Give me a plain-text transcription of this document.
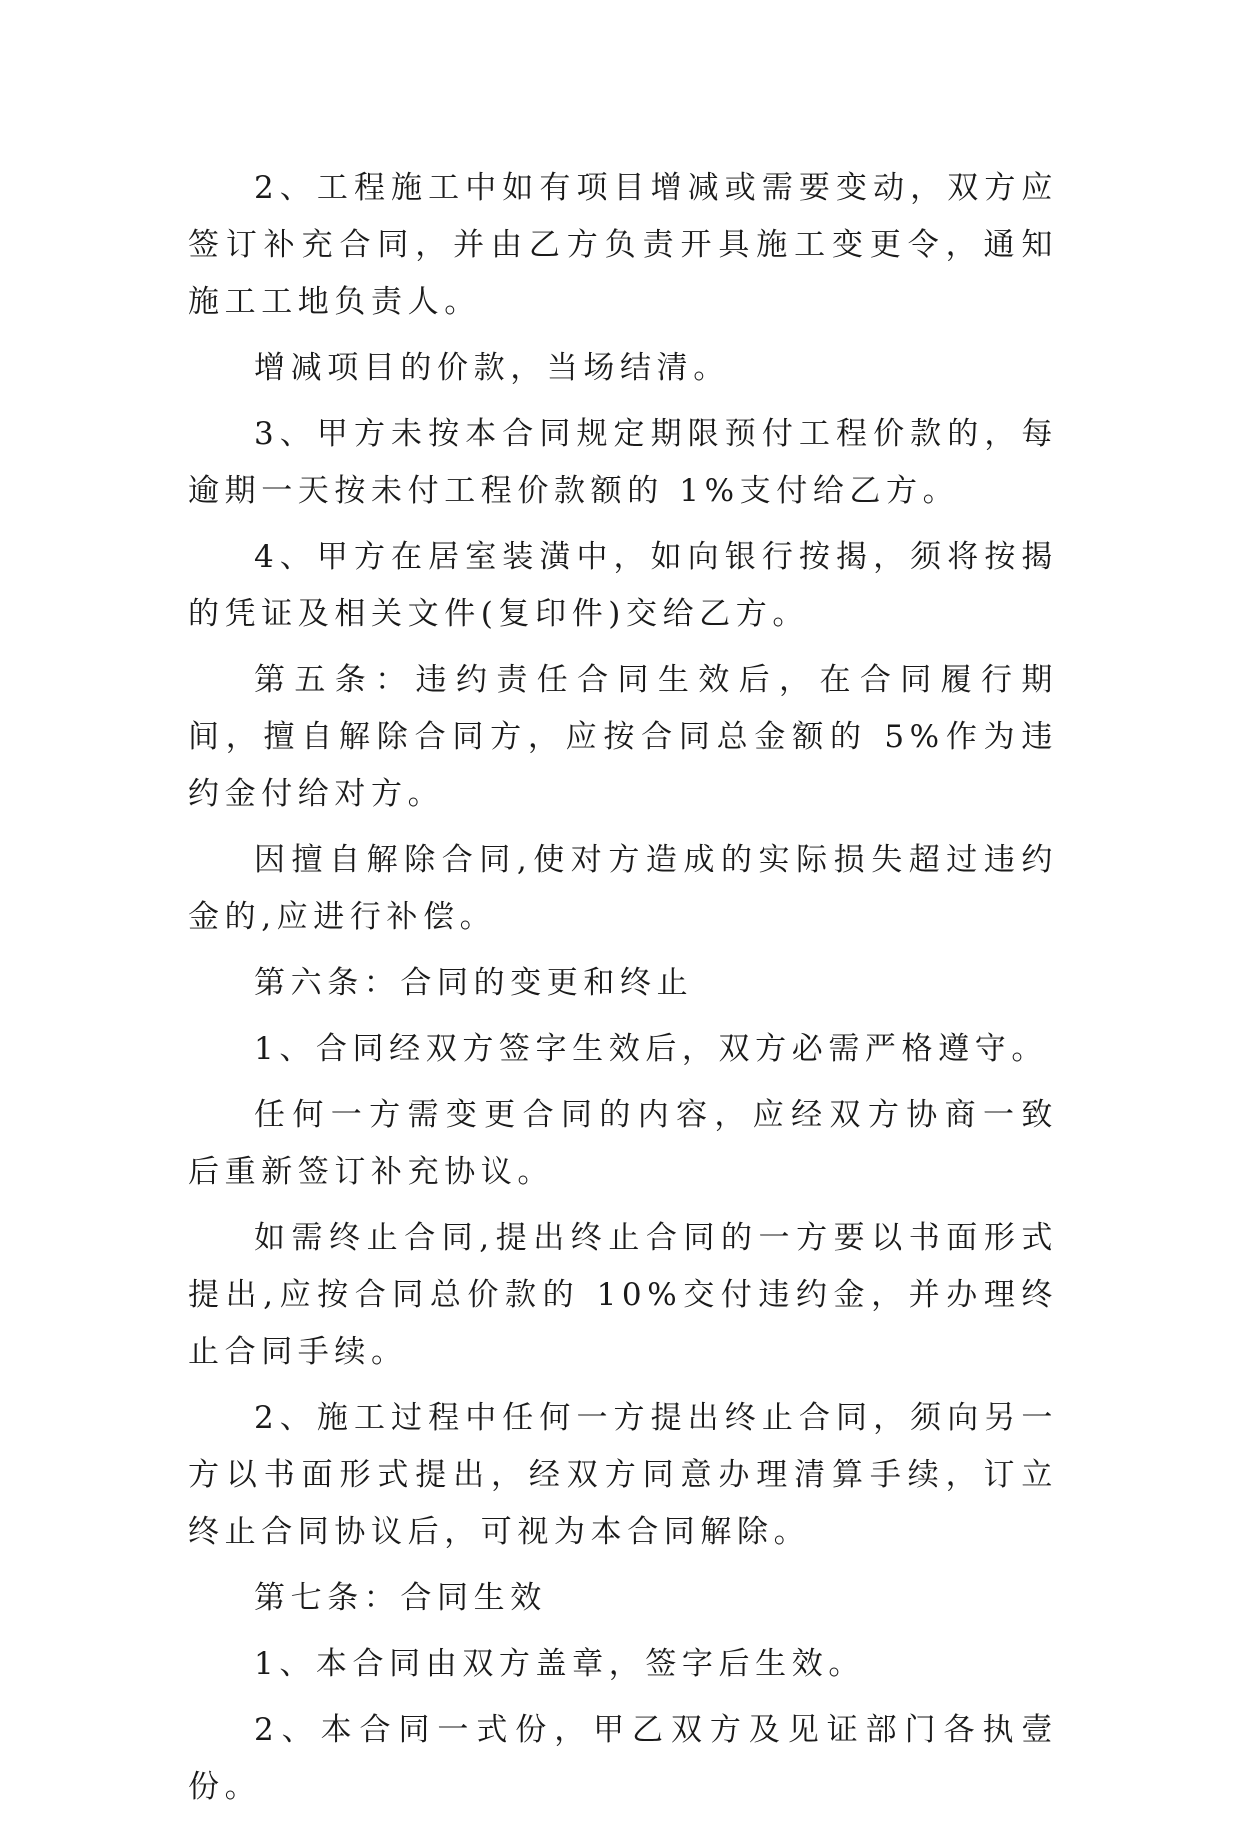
2、工程施工中如有项目增减或需要变动，双方应签订补充合同，并由乙方负责开具施工变更令，通知施工工地负责人。

增减项目的价款，当场结清。

3、甲方未按本合同规定期限预付工程价款的，每逾期一天按未付工程价款额的 1%支付给乙方。

4、甲方在居室装潢中，如向银行按揭，须将按揭的凭证及相关文件(复印件)交给乙方。

第五条：违约责任合同生效后，在合同履行期间，擅自解除合同方，应按合同总金额的 5%作为违约金付给对方。

因擅自解除合同,使对方造成的实际损失超过违约金的,应进行补偿。

第六条：合同的变更和终止

1、合同经双方签字生效后，双方必需严格遵守。

任何一方需变更合同的内容，应经双方协商一致后重新签订补充协议。

如需终止合同,提出终止合同的一方要以书面形式提出,应按合同总价款的 10%交付违约金，并办理终止合同手续。

2、施工过程中任何一方提出终止合同，须向另一方以书面形式提出，经双方同意办理清算手续，订立终止合同协议后，可视为本合同解除。

第七条：合同生效

1、本合同由双方盖章，签字后生效。

2、本合同一式份，甲乙双方及见证部门各执壹份。
